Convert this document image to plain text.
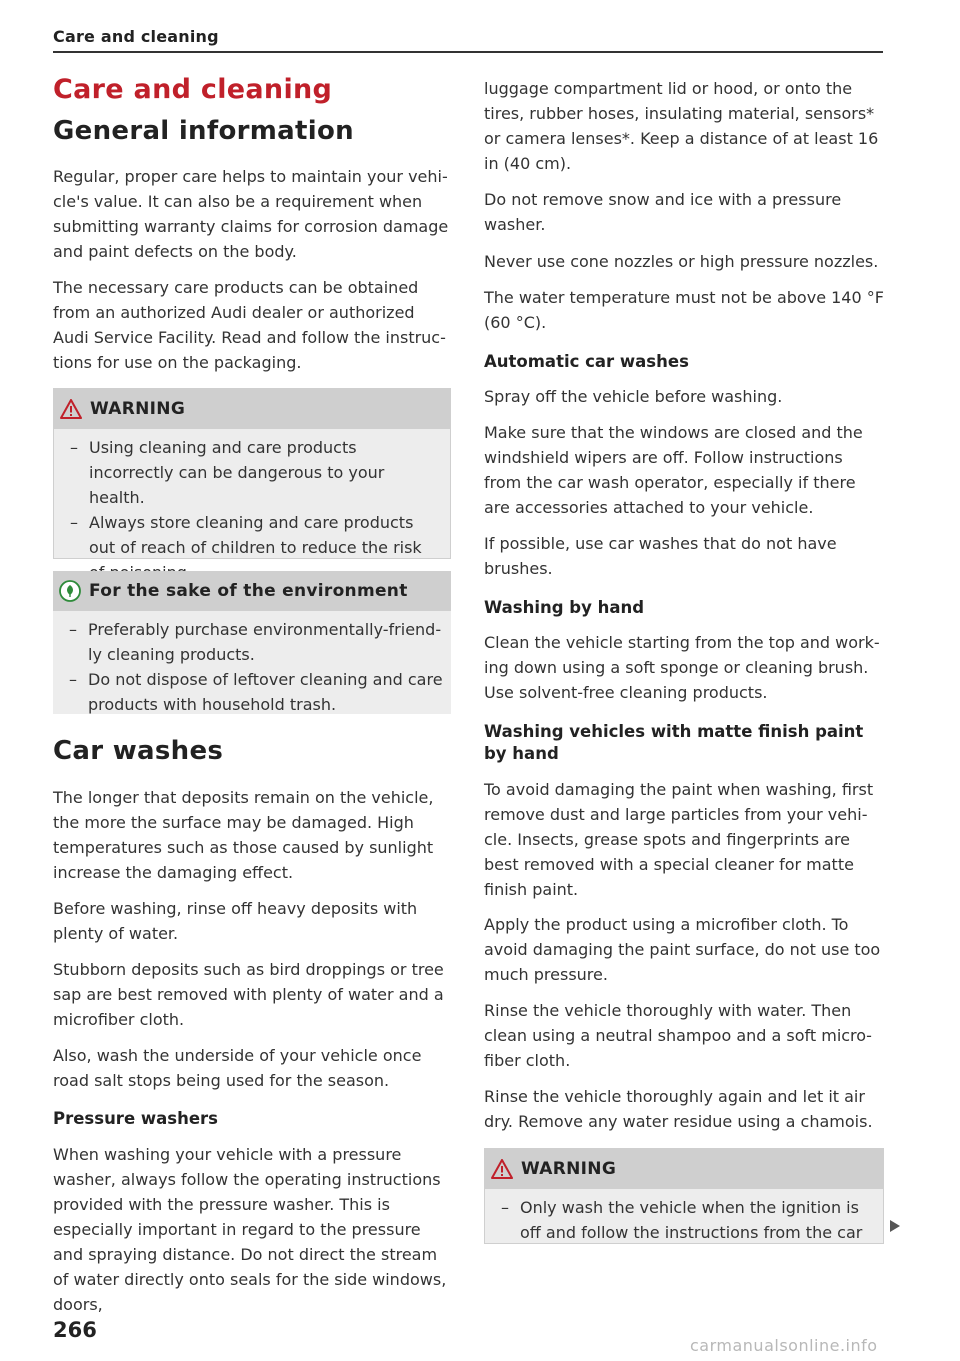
Care and cleaning
Care and cleaning
General information

Regular, proper care helps to maintain your vehicle's value. It can also be a requirement when submitting warranty claims for corrosion damage and paint defects on the body.

The necessary care products can be obtained from an authorized Audi dealer or authorized Audi Service Facility. Read and follow the instructions for use on the packaging.

WARNING
– Using cleaning and care products incorrectly can be dangerous to your health.
– Always store cleaning and care products out of reach of children to reduce the risk
For the sake of the environment
– Preferably purchase environmentally-friendly cleaning products.
– Do not dispose of leftover cleaning and care products with household trash.
Car washes

The longer that deposits remain on the vehicle, the more the surface may be damaged. High temperatures such as those caused by sunlight increase the damaging effect.

Before washing, rinse off heavy deposits with plenty of water.

Stubborn deposits such as bird droppings or tree sap are best removed with plenty of water and a microfiber cloth.

Also, wash the underside of your vehicle once road salt stops being used for the season.

Pressure washers

When washing your vehicle with a pressure washer, always follow the operating instructions provided with the pressure washer. This is especially important in regard to the pressure and spraying distance. Do not direct the stream of water directly onto seals for the side windows, doors,

luggage compartment lid or hood, or onto the tires, rubber hoses, insulating material, sensors* or camera lenses*. Keep a distance of at least 16 in (40 cm).

Do not remove snow and ice with a pressure washer.

Never use cone nozzles or high pressure nozzles.

The water temperature must not be above 140 °F (60 °C).

Automatic car washes

Spray off the vehicle before washing.

Make sure that the windows are closed and the windshield wipers are off. Follow instructions from the car wash operator, especially if there are accessories attached to your vehicle.

If possible, use car washes that do not have brushes.

Washing by hand

Clean the vehicle starting from the top and working down using a soft sponge or cleaning brush. Use solvent-free cleaning products.

Washing vehicles with matte finish paint by hand

To avoid damaging the paint when washing, first remove dust and large particles from your vehicle. Insects, grease spots and fingerprints are best removed with a special cleaner for matte finish paint.

Apply the product using a microfiber cloth. To avoid damaging the paint surface, do not use too much pressure.

Rinse the vehicle thoroughly with water. Then clean using a neutral shampoo and a soft microfiber cloth.

Rinse the vehicle thoroughly again and let it air dry. Remove any water residue using a chamois.

WARNING
– Only wash the vehicle when the ignition is off and follow the instructions from the car
266
carmanualsonline.info
